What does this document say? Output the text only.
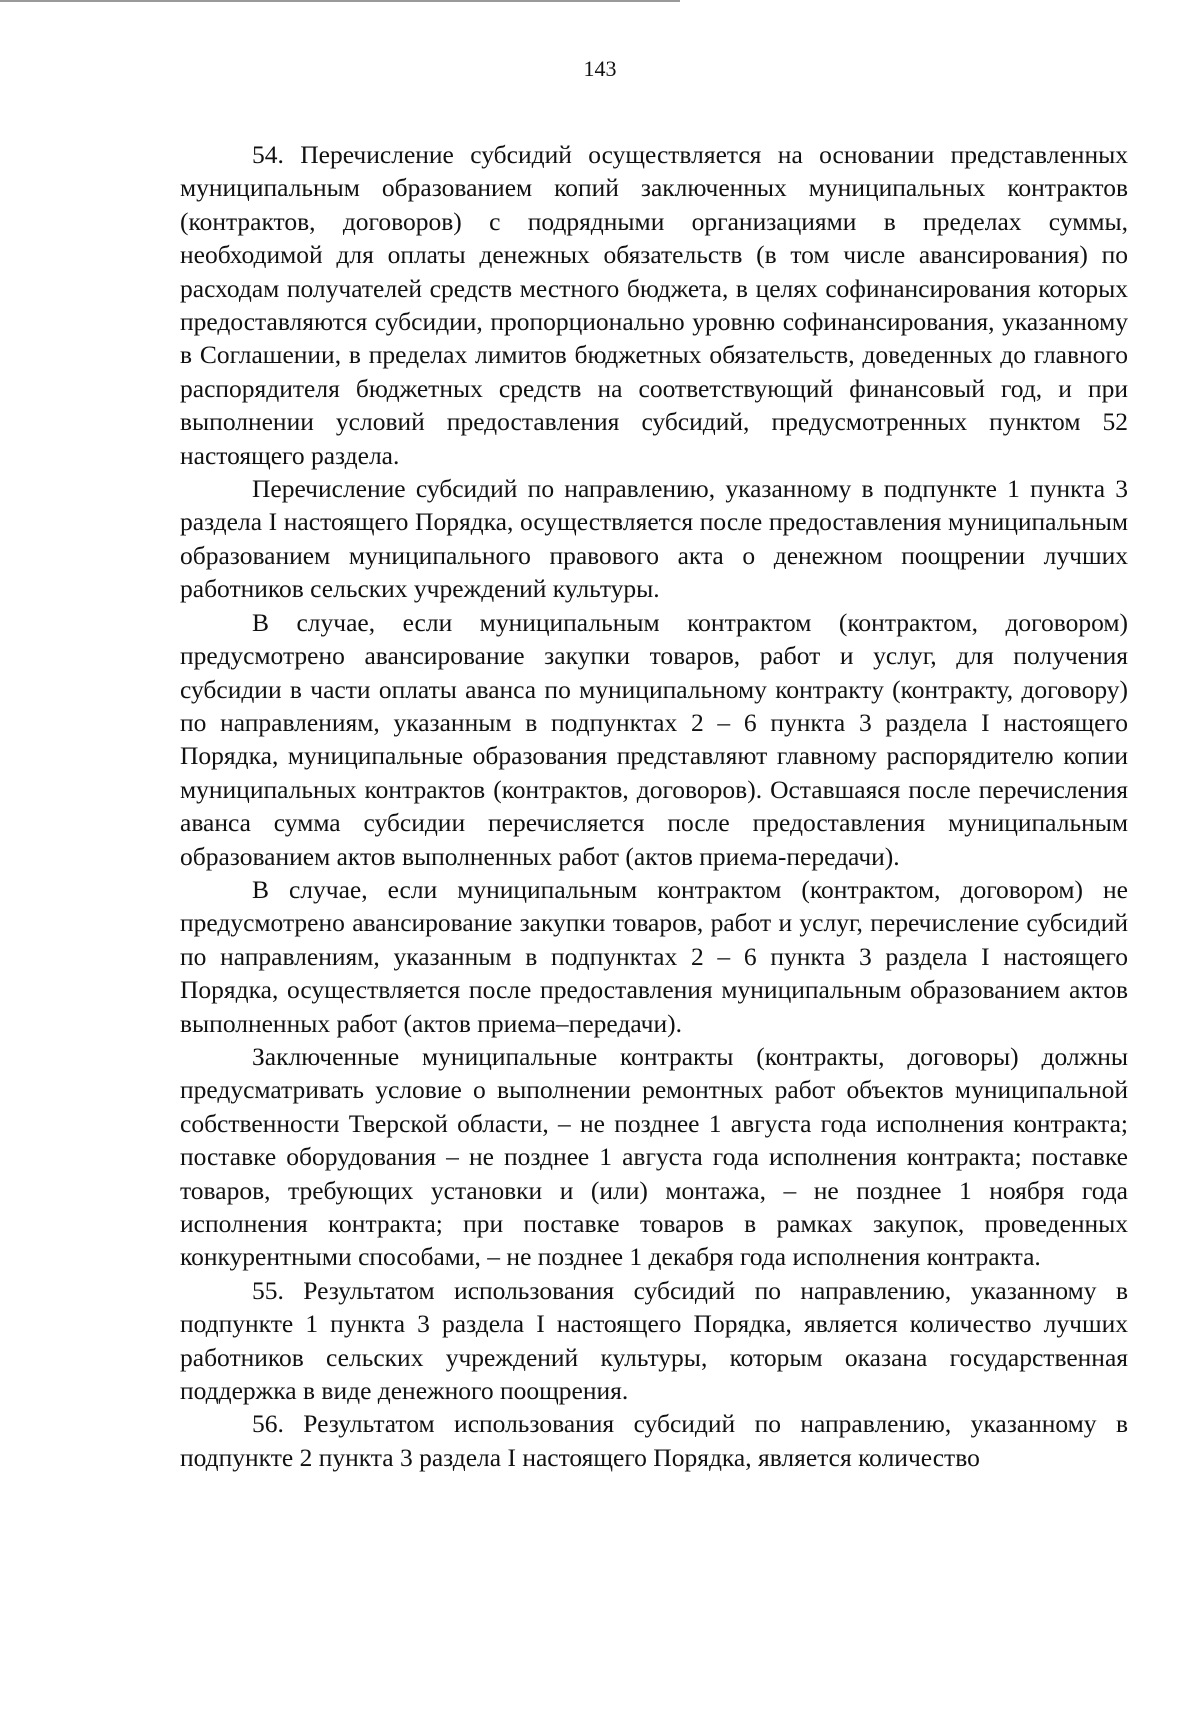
143

54. Перечисление субсидий осуществляется на основании представленных муниципальным образованием копий заключенных муниципальных контрактов (контрактов, договоров) с подрядными организациями в пределах суммы, необходимой для оплаты денежных обязательств (в том числе авансирования) по расходам получателей средств местного бюджета, в целях софинансирования которых предоставляются субсидии, пропорционально уровню софинансирования, указанному в Соглашении, в пределах лимитов бюджетных обязательств, доведенных до главного распорядителя бюджетных средств на соответствующий финансовый год, и при выполнении условий предоставления субсидий, предусмотренных пунктом 52 настоящего раздела.

Перечисление субсидий по направлению, указанному в подпункте 1 пункта 3 раздела I настоящего Порядка, осуществляется после предоставления муниципальным образованием муниципального правового акта о денежном поощрении лучших работников сельских учреждений культуры.

В случае, если муниципальным контрактом (контрактом, договором) предусмотрено авансирование закупки товаров, работ и услуг, для получения субсидии в части оплаты аванса по муниципальному контракту (контракту, договору) по направлениям, указанным в подпунктах 2 – 6 пункта 3 раздела I настоящего Порядка, муниципальные образования представляют главному распорядителю копии муниципальных контрактов (контрактов, договоров). Оставшаяся после перечисления аванса сумма субсидии перечисляется после предоставления муниципальным образованием актов выполненных работ (актов приема-передачи).

В случае, если муниципальным контрактом (контрактом, договором) не предусмотрено авансирование закупки товаров, работ и услуг, перечисление субсидий по направлениям, указанным в подпунктах 2 – 6 пункта 3 раздела I настоящего Порядка, осуществляется после предоставления муниципальным образованием актов выполненных работ (актов приема–передачи).

Заключенные муниципальные контракты (контракты, договоры) должны предусматривать условие о выполнении ремонтных работ объектов муниципальной собственности Тверской области, – не позднее 1 августа года исполнения контракта; поставке оборудования – не позднее 1 августа года исполнения контракта; поставке товаров, требующих установки и (или) монтажа, – не позднее 1 ноября года исполнения контракта; при поставке товаров в рамках закупок, проведенных конкурентными способами, – не позднее 1 декабря года исполнения контракта.

55. Результатом использования субсидий по направлению, указанному в подпункте 1 пункта 3 раздела I настоящего Порядка, является количество лучших работников сельских учреждений культуры, которым оказана государственная поддержка в виде денежного поощрения.

56. Результатом использования субсидий по направлению, указанному в подпункте 2 пункта 3 раздела I настоящего Порядка, является количество
